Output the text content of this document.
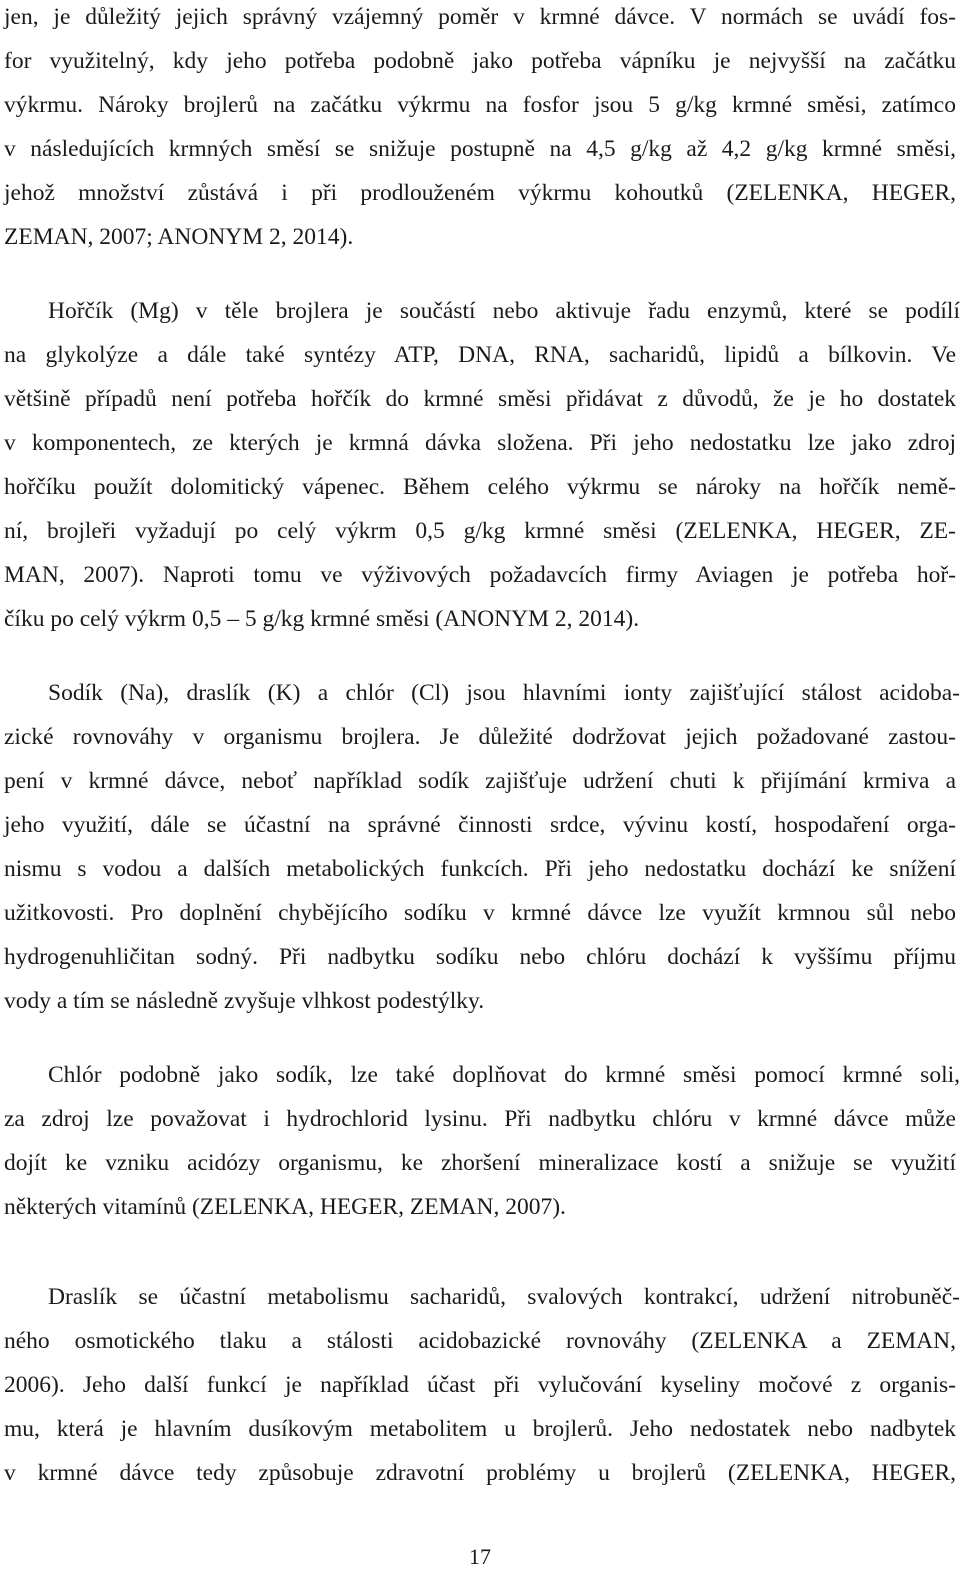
jen, je důležitý jejich správný vzájemný poměr v krmné dávce. V normách se uvádí fos-
for využitelný, kdy jeho potřeba podobně jako potřeba vápníku je nejvyšší na začátku
výkrmu. Nároky brojlerů na začátku výkrmu na fosfor jsou 5 g/kg krmné směsi, zatímco
v následujících krmných směsí se snižuje postupně na 4,5 g/kg až 4,2 g/kg krmné směsi,
jehož množství zůstává i při prodlouženém výkrmu kohoutků (ZELENKA, HEGER,
ZEMAN, 2007; ANONYM 2, 2014).
Hořčík (Mg) v těle brojlera je součástí nebo aktivuje řadu enzymů, které se podílí
na glykolýze a dále také syntézy ATP, DNA, RNA, sacharidů, lipidů a bílkovin. Ve
většině případů není potřeba hořčík do krmné směsi přidávat z důvodů, že je ho dostatek
v komponentech, ze kterých je krmná dávka složena. Při jeho nedostatku lze jako zdroj
hořčíku použít dolomitický vápenec. Během celého výkrmu se nároky na hořčík nemě-
ní, brojleři vyžadují po celý výkrm 0,5 g/kg krmné směsi (ZELENKA, HEGER, ZE-
MAN, 2007). Naproti tomu ve výživových požadavcích firmy Aviagen je potřeba hoř-
číku po celý výkrm 0,5 – 5 g/kg krmné směsi (ANONYM 2, 2014).
Sodík (Na), draslík (K) a chlór (Cl) jsou hlavními ionty zajišťující stálost acidoba-
zické rovnováhy v organismu brojlera. Je důležité dodržovat jejich požadované zastou-
pení v krmné dávce, neboť například sodík zajišťuje udržení chuti k přijímání krmiva a
jeho využití, dále se účastní na správné činnosti srdce, vývinu kostí, hospodaření orga-
nismu s vodou a dalších metabolických funkcích. Při jeho nedostatku dochází ke snížení
užitkovosti. Pro doplnění chybějícího sodíku v krmné dávce lze využít krmnou sůl nebo
hydrogenuhličitan sodný. Při nadbytku sodíku nebo chlóru dochází k vyššímu příjmu
vody a tím se následně zvyšuje vlhkost podestýlky.
Chlór podobně jako sodík, lze také doplňovat do krmné směsi pomocí krmné soli,
za zdroj lze považovat i hydrochlorid lysinu. Při nadbytku chlóru v krmné dávce může
dojít ke vzniku acidózy organismu, ke zhoršení mineralizace kostí a snižuje se využití
některých vitamínů (ZELENKA, HEGER, ZEMAN, 2007).
Draslík se účastní metabolismu sacharidů, svalových kontrakcí, udržení nitrobuněč-
ného osmotického tlaku a stálosti acidobazické rovnováhy (ZELENKA a ZEMAN,
2006). Jeho další funkcí je například účast při vylučování kyseliny močové z organis-
mu, která je hlavním dusíkovým metabolitem u brojlerů. Jeho nedostatek nebo nadbytek
v krmné dávce tedy způsobuje zdravotní problémy u brojlerů (ZELENKA, HEGER,
17
